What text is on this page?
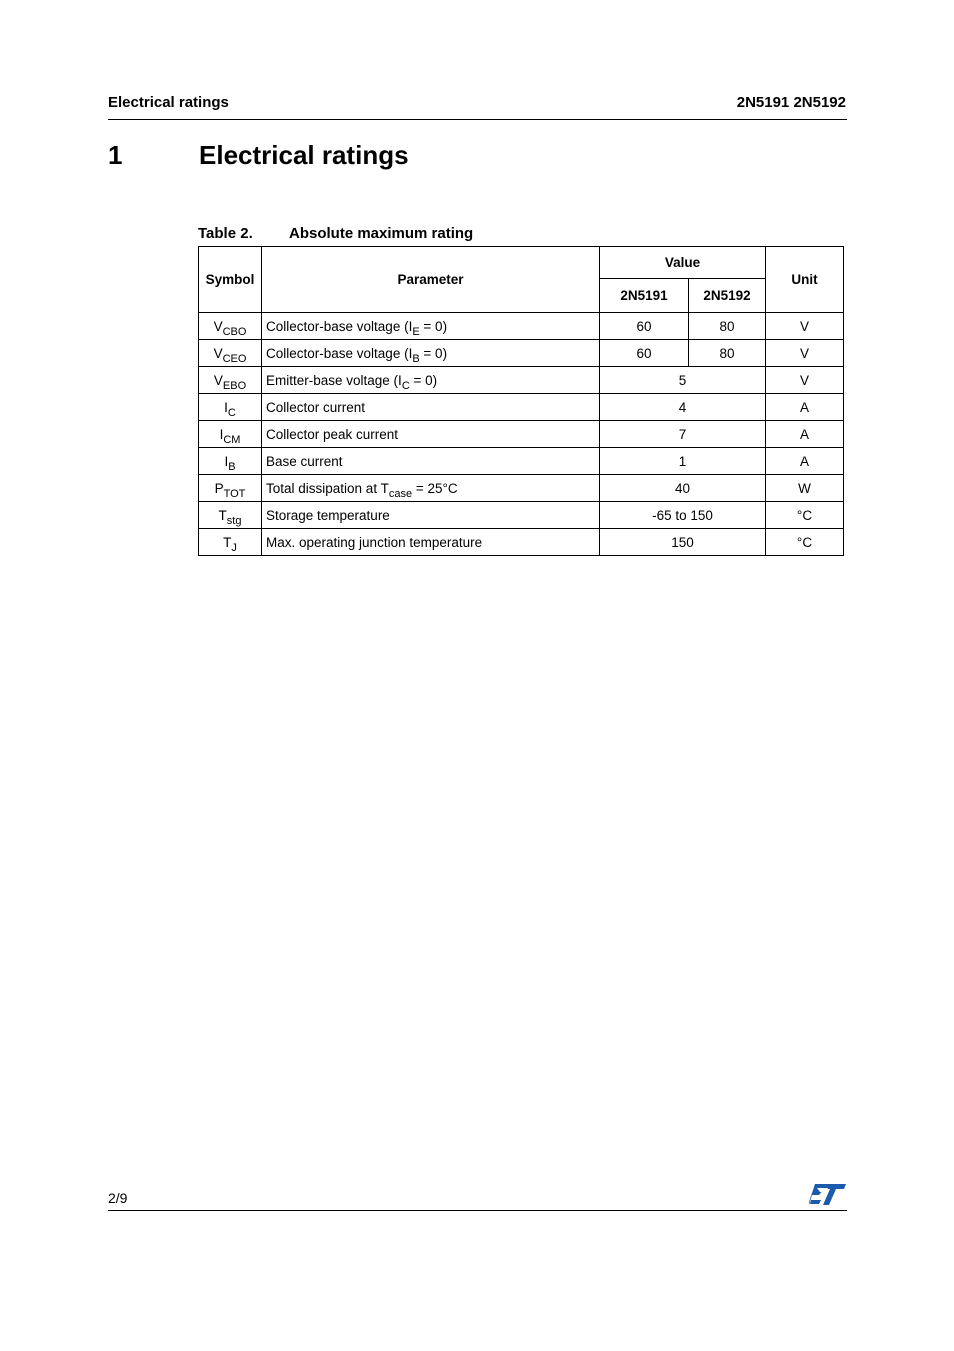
Electrical ratings	2N5191 2N5192
1	Electrical ratings
Table 2. Absolute maximum rating
Symbol	Parameter	Value		Unit
		2N5191	2N5192	
$V_{CBO}$	Collector-base voltage $(I_E = 0)$	60	80	V
$V_{CEO}$	Collector-base voltage $(I_B = 0)$	60	80	V
$V_{EBO}$	Emitter-base voltage $(I_C = 0)$	5		V
$I_C$	Collector current	4		A
$I_{CM}$	Collector peak current	7		A
$I_B$	Base current	1		A
$P_{TOT}$	Total dissipation at $T_{case} = 25^\circ C$	40		W
$T_{stg}$	Storage temperature	-65 to 150		°C
$T_J$	Max. operating junction temperature	150		°C
2/9
